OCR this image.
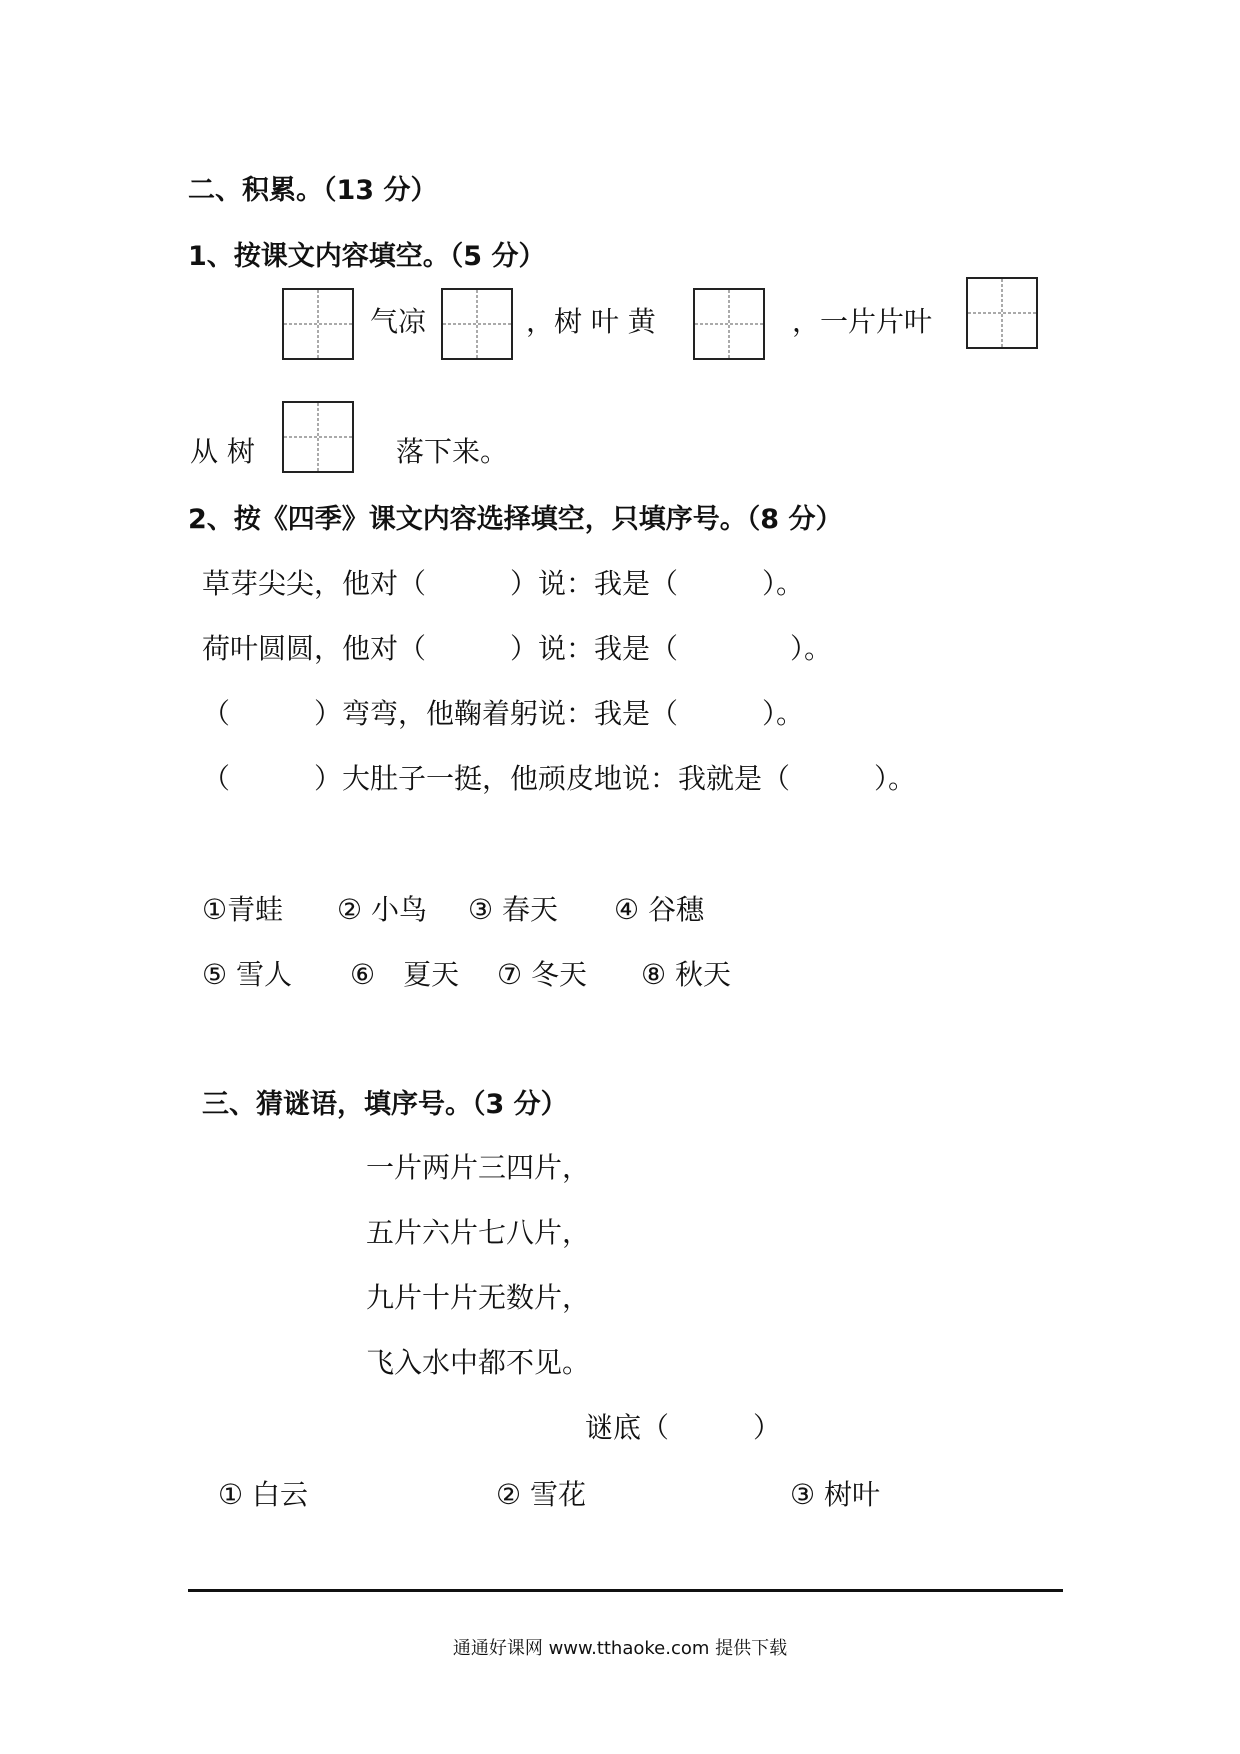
二、积累。（13 分）
1、按课文内容填空。（5 分）
气凉	，树 叶 黄	，一片片叶
从 树	落下来。
2、按《四季》课文内容选择填空，只填序号。（8 分）
草芽尖尖，他对（　　　）说：我是（　　　）。
荷叶圆圆，他对（　　　）说：我是（　　　　）。
（　　　）弯弯，他鞠着躬说：我是（　　　）。
（　　　）大肚子一挺，他顽皮地说：我就是（　　　）。
①青蛙 ② 小鸟 ③ 春天 ④ 谷穗
⑤ 雪人 ⑥　夏天 ⑦ 冬天 ⑧ 秋天
三、猜谜语，填序号。（3 分）
一片两片三四片，
五片六片七八片，
九片十片无数片，
飞入水中都不见。
谜底（　　　）
① 白云	② 雪花	③ 树叶
通通好课网 www.tthaoke.com 提供下载
